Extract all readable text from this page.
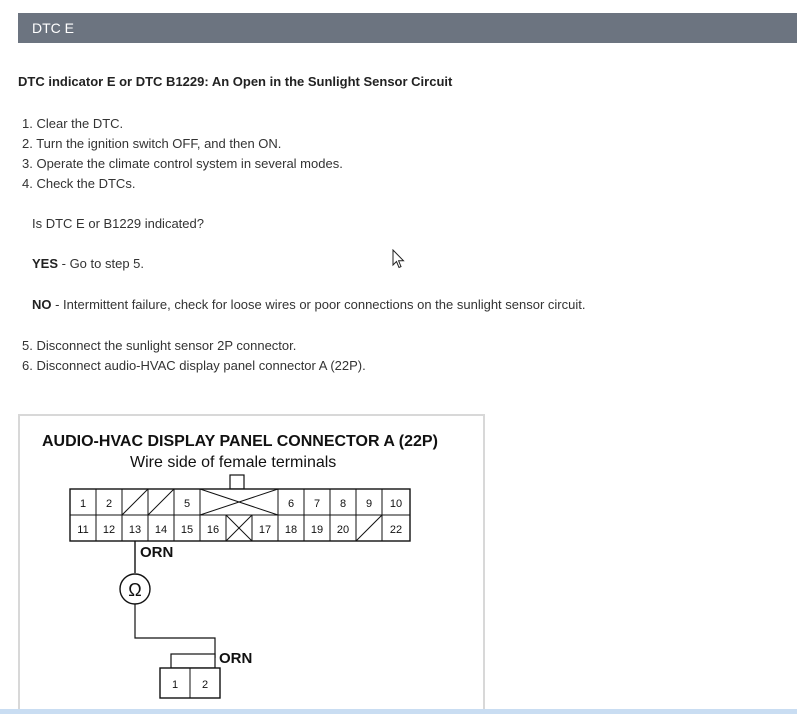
DTC E
DTC indicator E or DTC B1229: An Open in the Sunlight Sensor Circuit
1. Clear the DTC.
2. Turn the ignition switch OFF, and then ON.
3. Operate the climate control system in several modes.
4. Check the DTCs.
Is DTC E or B1229 indicated?
YES - Go to step 5.
NO - Intermittent failure, check for loose wires or poor connections on the sunlight sensor circuit.
5. Disconnect the sunlight sensor 2P connector.
6. Disconnect audio-HVAC display panel connector A (22P).
AUDIO-HVAC DISPLAY PANEL CONNECTOR A (22P)
Wire side of female terminals
1 2	5	6 7 8 9 10
11 12 13 14 15 16	17 18 19 20	22
ORN
Ω
ORN
1 2
